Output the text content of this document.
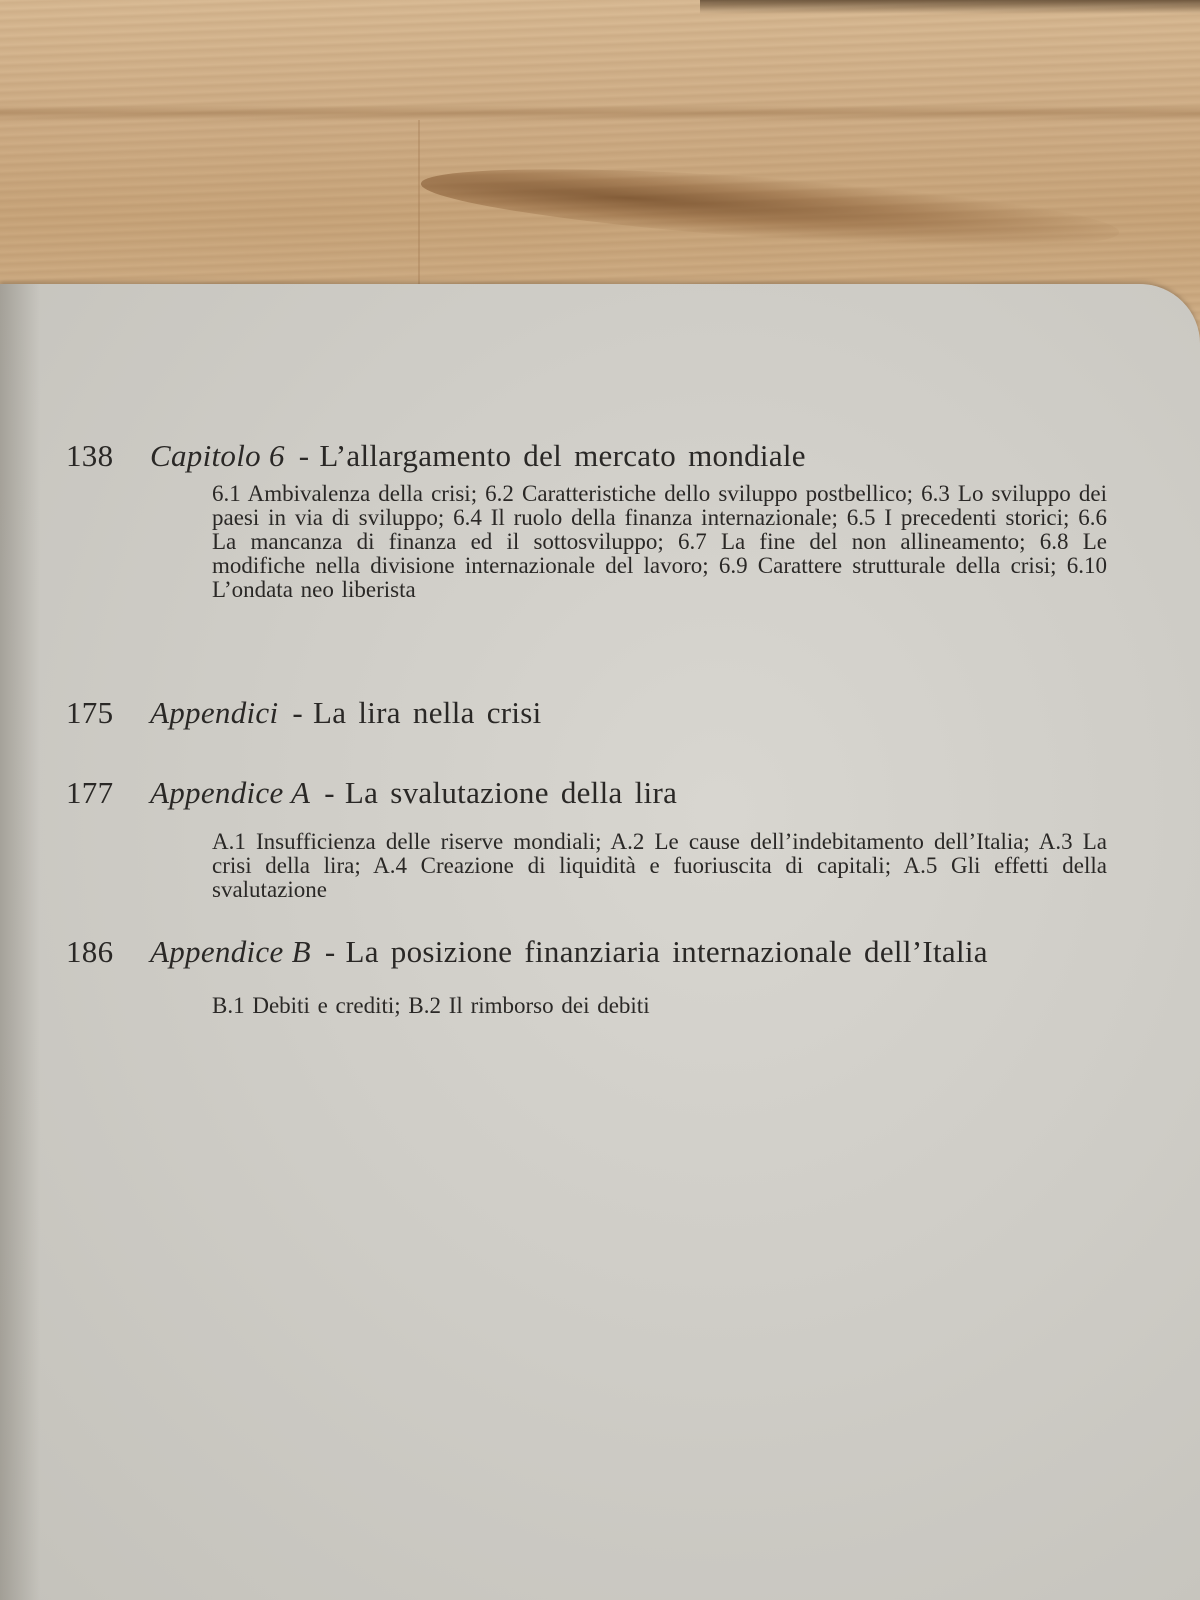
138 Capitolo 6 - L’allargamento del mercato mondiale
6.1 Ambivalenza della crisi; 6.2 Caratteristiche dello sviluppo postbellico; 6.3 Lo sviluppo dei paesi in via di sviluppo; 6.4 Il ruolo della finanza internazionale; 6.5 I precedenti storici; 6.6 La mancanza di finanza ed il sottosviluppo; 6.7 La fine del non allineamento; 6.8 Le modifiche nella divisione internazionale del lavoro; 6.9 Carattere strutturale della crisi; 6.10 L’ondata neo liberista
175 Appendici - La lira nella crisi
177 Appendice A - La svalutazione della lira
A.1 Insufficienza delle riserve mondiali; A.2 Le cause dell’indebitamento dell’Italia; A.3 La crisi della lira; A.4 Creazione di liquidità e fuoriuscita di capitali; A.5 Gli effetti della svalutazione
186 Appendice B - La posizione finanziaria internazionale dell’Italia
B.1 Debiti e crediti; B.2 Il rimborso dei debiti
